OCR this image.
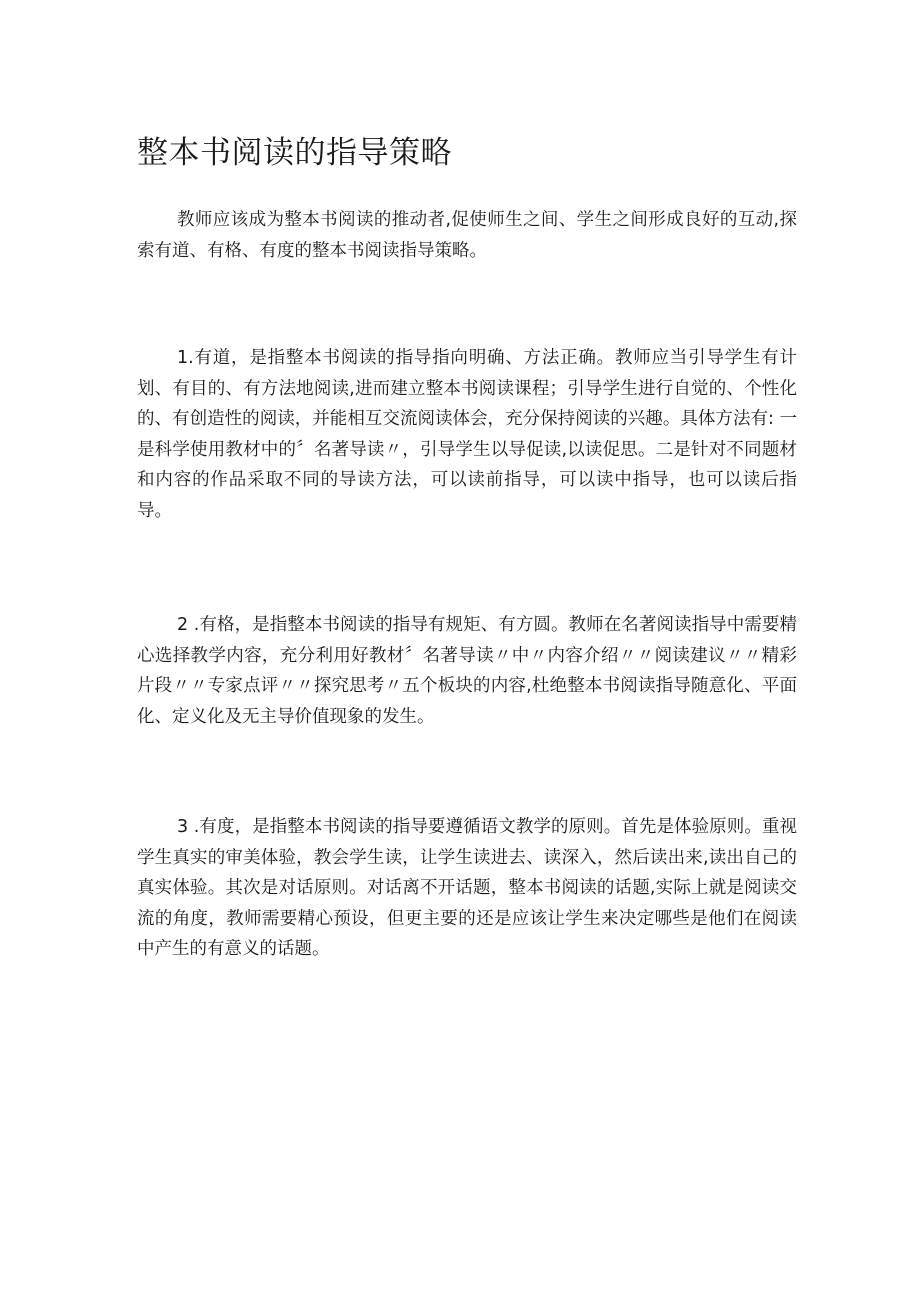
整本书阅读的指导策略

教师应该成为整本书阅读的推动者,促使师生之间、学生之间形成良好的互动,探索有道、有格、有度的整本书阅读指导策略。

1.有道，是指整本书阅读的指导指向明确、方法正确。教师应当引导学生有计划、有目的、有方法地阅读,进而建立整本书阅读课程；引导学生进行自觉的、个性化的、有创造性的阅读，并能相互交流阅读体会，充分保持阅读的兴趣。具体方法有: 一是科学使用教材中的〞名著导读〃，引导学生以导促读,以读促思。二是针对不同题材和内容的作品采取不同的导读方法，可以读前指导，可以读中指导，也可以读后指导。

2 .有格，是指整本书阅读的指导有规矩、有方圆。教师在名著阅读指导中需要精心选择教学内容，充分利用好教材〞名著导读〃中〃内容介绍〃〃阅读建议〃〃精彩片段〃〃专家点评〃〃探究思考〃五个板块的内容,杜绝整本书阅读指导随意化、平面化、定义化及无主导价值现象的发生。

3 .有度，是指整本书阅读的指导要遵循语文教学的原则。首先是体验原则。重视学生真实的审美体验，教会学生读，让学生读进去、读深入，然后读出来,读出自己的真实体验。其次是对话原则。对话离不开话题，整本书阅读的话题,实际上就是阅读交流的角度，教师需要精心预设，但更主要的还是应该让学生来决定哪些是他们在阅读中产生的有意义的话题。
